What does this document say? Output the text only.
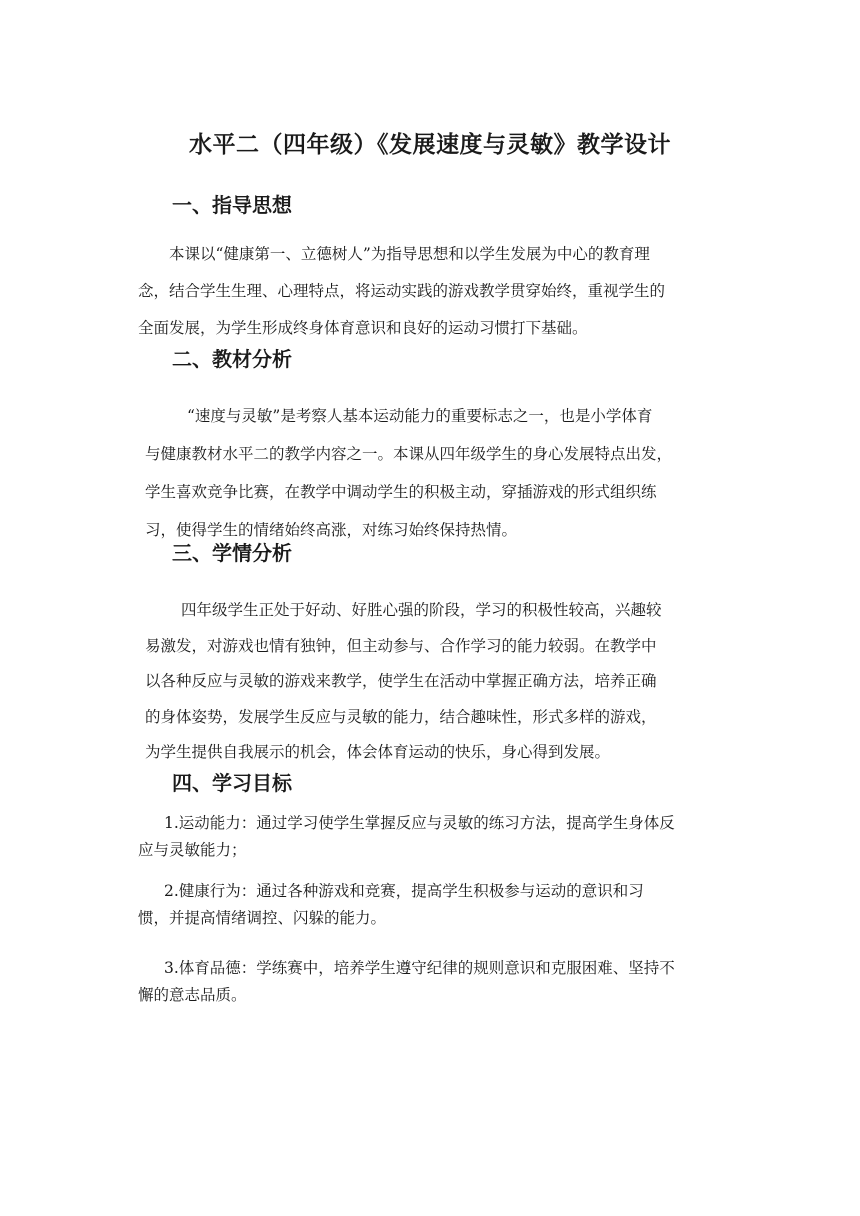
水平二（四年级）《发展速度与灵敏》教学设计
一、指导思想
本课以“健康第一、立德树人”为指导思想和以学生发展为中心的教育理
念，结合学生生理、心理特点，将运动实践的游戏教学贯穿始终，重视学生的
全面发展，为学生形成终身体育意识和良好的运动习惯打下基础。
二、教材分析
“速度与灵敏”是考察人基本运动能力的重要标志之一，也是小学体育
与健康教材水平二的教学内容之一。本课从四年级学生的身心发展特点出发，
学生喜欢竞争比赛，在教学中调动学生的积极主动，穿插游戏的形式组织练
习，使得学生的情绪始终高涨，对练习始终保持热情。
三、学情分析
四年级学生正处于好动、好胜心强的阶段，学习的积极性较高，兴趣较
易激发，对游戏也情有独钟，但主动参与、合作学习的能力较弱。在教学中
以各种反应与灵敏的游戏来教学，使学生在活动中掌握正确方法，培养正确
的身体姿势，发展学生反应与灵敏的能力，结合趣味性，形式多样的游戏，
为学生提供自我展示的机会，体会体育运动的快乐，身心得到发展。
四、学习目标
1.运动能力：通过学习使学生掌握反应与灵敏的练习方法，提高学生身体反
应与灵敏能力；
2.健康行为：通过各种游戏和竞赛，提高学生积极参与运动的意识和习
惯，并提高情绪调控、闪躲的能力。
3.体育品德：学练赛中，培养学生遵守纪律的规则意识和克服困难、坚持不
懈的意志品质。
